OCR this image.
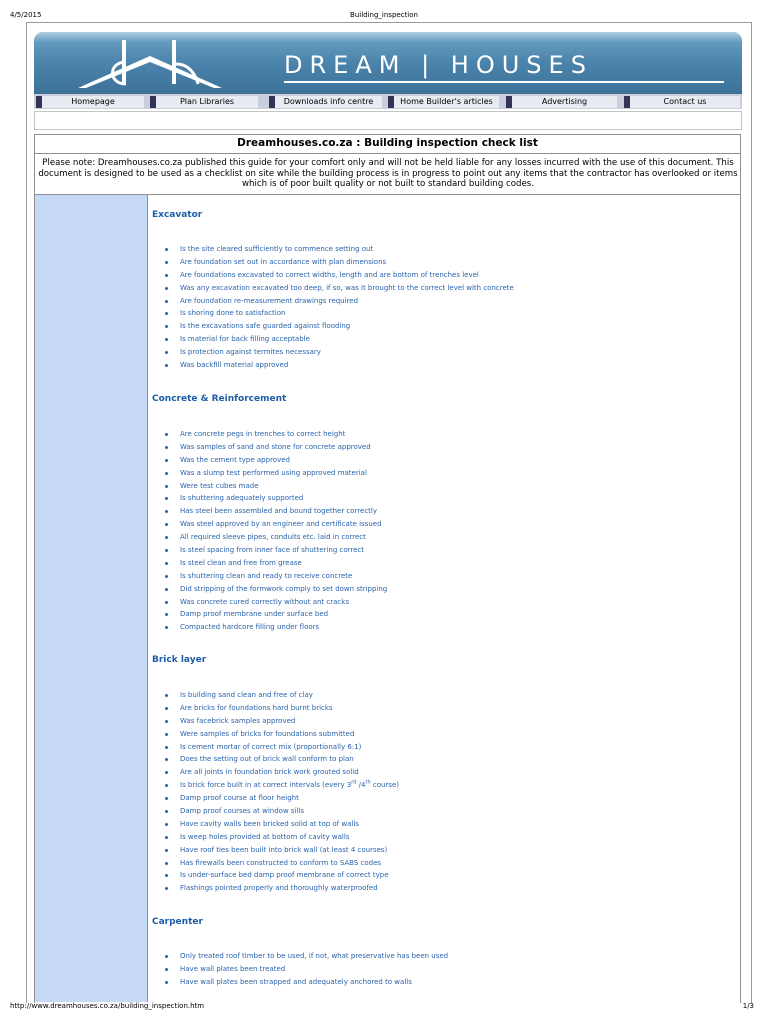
4/5/2015	Building_inspection
DREAM | HOUSES
Homepage	Plan Libraries	Downloads info centre	Home Builder's articles	Advertising	Contact us
Dreamhouses.co.za : Building inspection check list
Please note: Dreamhouses.co.za published this guide for your comfort only and will not be held liable for any losses incurred with the use of this document. This document is designed to be used as a checklist on site while the building process is in progress to point out any items that the contractor has overlooked or items which is of poor built quality or not built to standard building codes.
Excavator
Is the site cleared sufficiently to commence setting out
Are foundation set out in accordance with plan dimensions
Are foundations excavated to correct widths, length and are bottom of trenches level
Was any excavation excavated too deep, if so, was it brought to the correct level with concrete
Are foundation re-measurement drawings required
Is shoring done to satisfaction
Is the excavations safe guarded against flooding
Is material for back filling acceptable
Is protection against termites necessary
Was backfill material approved
Concrete & Reinforcement
Are concrete pegs in trenches to correct height
Was samples of sand and stone for concrete approved
Was the cement type approved
Was a slump test performed using approved material
Were test cubes made
Is shuttering adequately supported
Has steel been assembled and bound together correctly
Was steel approved by an engineer and certificate issued
All required sleeve pipes, conduits etc. laid in correct
Is steel spacing from inner face of shuttering correct
Is steel clean and free from grease
Is shuttering clean and ready to receive concrete
Did stripping of the formwork comply to set down stripping
Was concrete cured correctly without ant cracks
Damp proof membrane under surface bed
Compacted hardcore filling under floors
Brick layer
Is building sand clean and free of clay
Are bricks for foundations hard burnt bricks
Was facebrick samples approved
Were samples of bricks for foundations submitted
Is cement mortar of correct mix (proportionally 6:1)
Does the setting out of brick wall conform to plan
Are all joints in foundation brick work grouted solid
Is brick force built in at correct intervals (every 3rd /4th course)
Damp proof course at floor height
Damp proof courses at window sills
Have cavity walls been bricked solid at top of walls
Is weep holes provided at bottom of cavity walls
Have roof ties been built into brick wall (at least 4 courses)
Has firewalls been constructed to conform to SABS codes
Is under-surface bed damp proof membrane of correct type
Flashings pointed properly and thoroughly waterproofed
Carpenter
Only treated roof timber to be used, if not, what preservative has been used
Have wall plates been treated
Have wall plates been strapped and adequately anchored to walls
http://www.dreamhouses.co.za/building_inspection.htm	1/3
